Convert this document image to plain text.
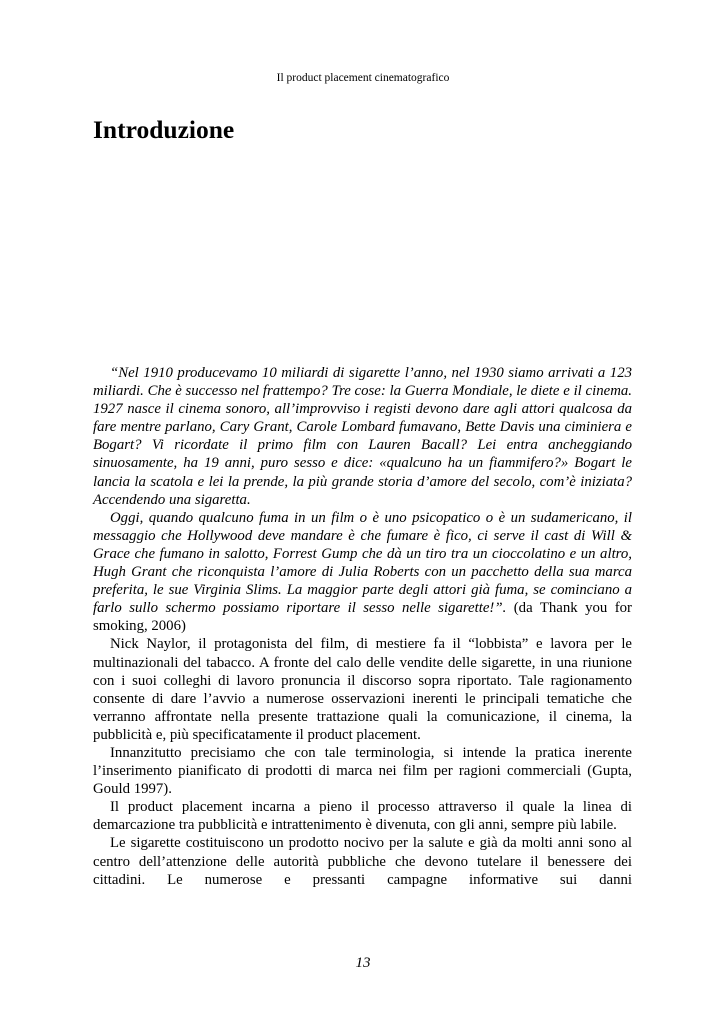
Il product placement cinematografico
Introduzione

“Nel 1910 producevamo 10 miliardi di sigarette l’anno, nel 1930 siamo arrivati a 123 miliardi. Che è successo nel frattempo? Tre cose: la Guerra Mondiale, le diete e il cinema. 1927 nasce il cinema sonoro, all’improvviso i registi devono dare agli attori qualcosa da fare mentre parlano, Cary Grant, Carole Lombard fumavano, Bette Davis una ciminiera e Bogart? Vi ricordate il primo film con Lauren Bacall? Lei entra ancheggiando sinuosamente, ha 19 anni, puro sesso e dice: «qualcuno ha un fiammifero?» Bogart le lancia la scatola e lei la prende, la più grande storia d’amore del secolo, com’è iniziata? Accendendo una sigaretta.

Oggi, quando qualcuno fuma in un film o è uno psicopatico o è un sudamericano, il messaggio che Hollywood deve mandare è che fumare è fico, ci serve il cast di Will & Grace che fumano in salotto, Forrest Gump che dà un tiro tra un cioccolatino e un altro, Hugh Grant che riconquista l’amore di Julia Roberts con un pacchetto della sua marca preferita, le sue Virginia Slims. La maggior parte degli attori già fuma, se cominciano a farlo sullo schermo possiamo riportare il sesso nelle sigarette!”. (da Thank you for smoking, 2006)

Nick Naylor, il protagonista del film, di mestiere fa il “lobbista” e lavora per le multinazionali del tabacco. A fronte del calo delle vendite delle sigarette, in una riunione con i suoi colleghi di lavoro pronuncia il discorso sopra riportato. Tale ragionamento consente di dare l’avvio a numerose osservazioni inerenti le principali tematiche che verranno affrontate nella presente trattazione quali la comunicazione, il cinema, la pubblicità e, più specificatamente il product placement.

Innanzitutto precisiamo che con tale terminologia, si intende la pratica inerente l’inserimento pianificato di prodotti di marca nei film per ragioni commerciali (Gupta, Gould 1997).

Il product placement incarna a pieno il processo attraverso il quale la linea di demarcazione tra pubblicità e intrattenimento è divenuta, con gli anni, sempre più labile.

Le sigarette costituiscono un prodotto nocivo per la salute e già da molti anni sono al centro dell’attenzione delle autorità pubbliche che devono tutelare il benessere dei cittadini. Le numerose e pressanti campagne informative sui danni

13
